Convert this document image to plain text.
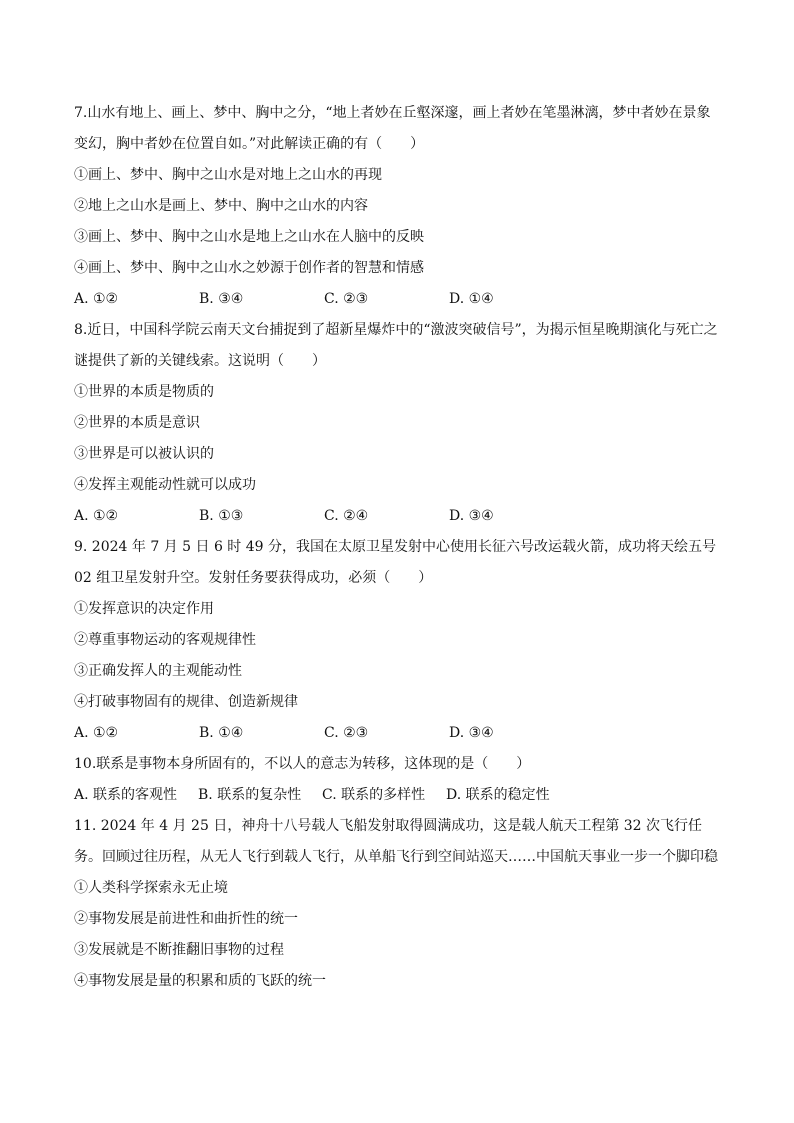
7.山水有地上、画上、梦中、胸中之分，“地上者妙在丘壑深邃，画上者妙在笔墨淋漓，梦中者妙在景象变幻，胸中者妙在位置自如。”对此解读正确的有（　　）
①画上、梦中、胸中之山水是对地上之山水的再现
②地上之山水是画上、梦中、胸中之山水的内容
③画上、梦中、胸中之山水是地上之山水在人脑中的反映
④画上、梦中、胸中之山水之妙源于创作者的智慧和情感
A. ①②	B. ③④	C. ②③	D. ①④
8.近日，中国科学院云南天文台捕捉到了超新星爆炸中的“激波突破信号”，为揭示恒星晚期演化与死亡之谜提供了新的关键线索。这说明（　　）
①世界的本质是物质的
②世界的本质是意识
③世界是可以被认识的
④发挥主观能动性就可以成功
A. ①②	B. ①③	C. ②④	D. ③④
9. 2024 年 7 月 5 日 6 时 49 分，我国在太原卫星发射中心使用长征六号改运载火箭，成功将天绘五号 02 组卫星发射升空。发射任务要获得成功，必须（　　）
①发挥意识的决定作用
②尊重事物运动的客观规律性
③正确发挥人的主观能动性
④打破事物固有的规律、创造新规律
A. ①②	B. ①④	C. ②③	D. ③④
10.联系是事物本身所固有的，不以人的意志为转移，这体现的是（　　）
A. 联系的客观性	B. 联系的复杂性	C. 联系的多样性	D. 联系的稳定性
11. 2024 年 4 月 25 日，神舟十八号载人飞船发射取得圆满成功，这是载人航天工程第 32 次飞行任务。回顾过往历程，从无人飞行到载人飞行，从单船飞行到空间站巡天……中国航天事业一步一个脚印稳　　
①人类科学探索永无止境
②事物发展是前进性和曲折性的统一
③发展就是不断推翻旧事物的过程
④事物发展是量的积累和质的飞跃的统一
